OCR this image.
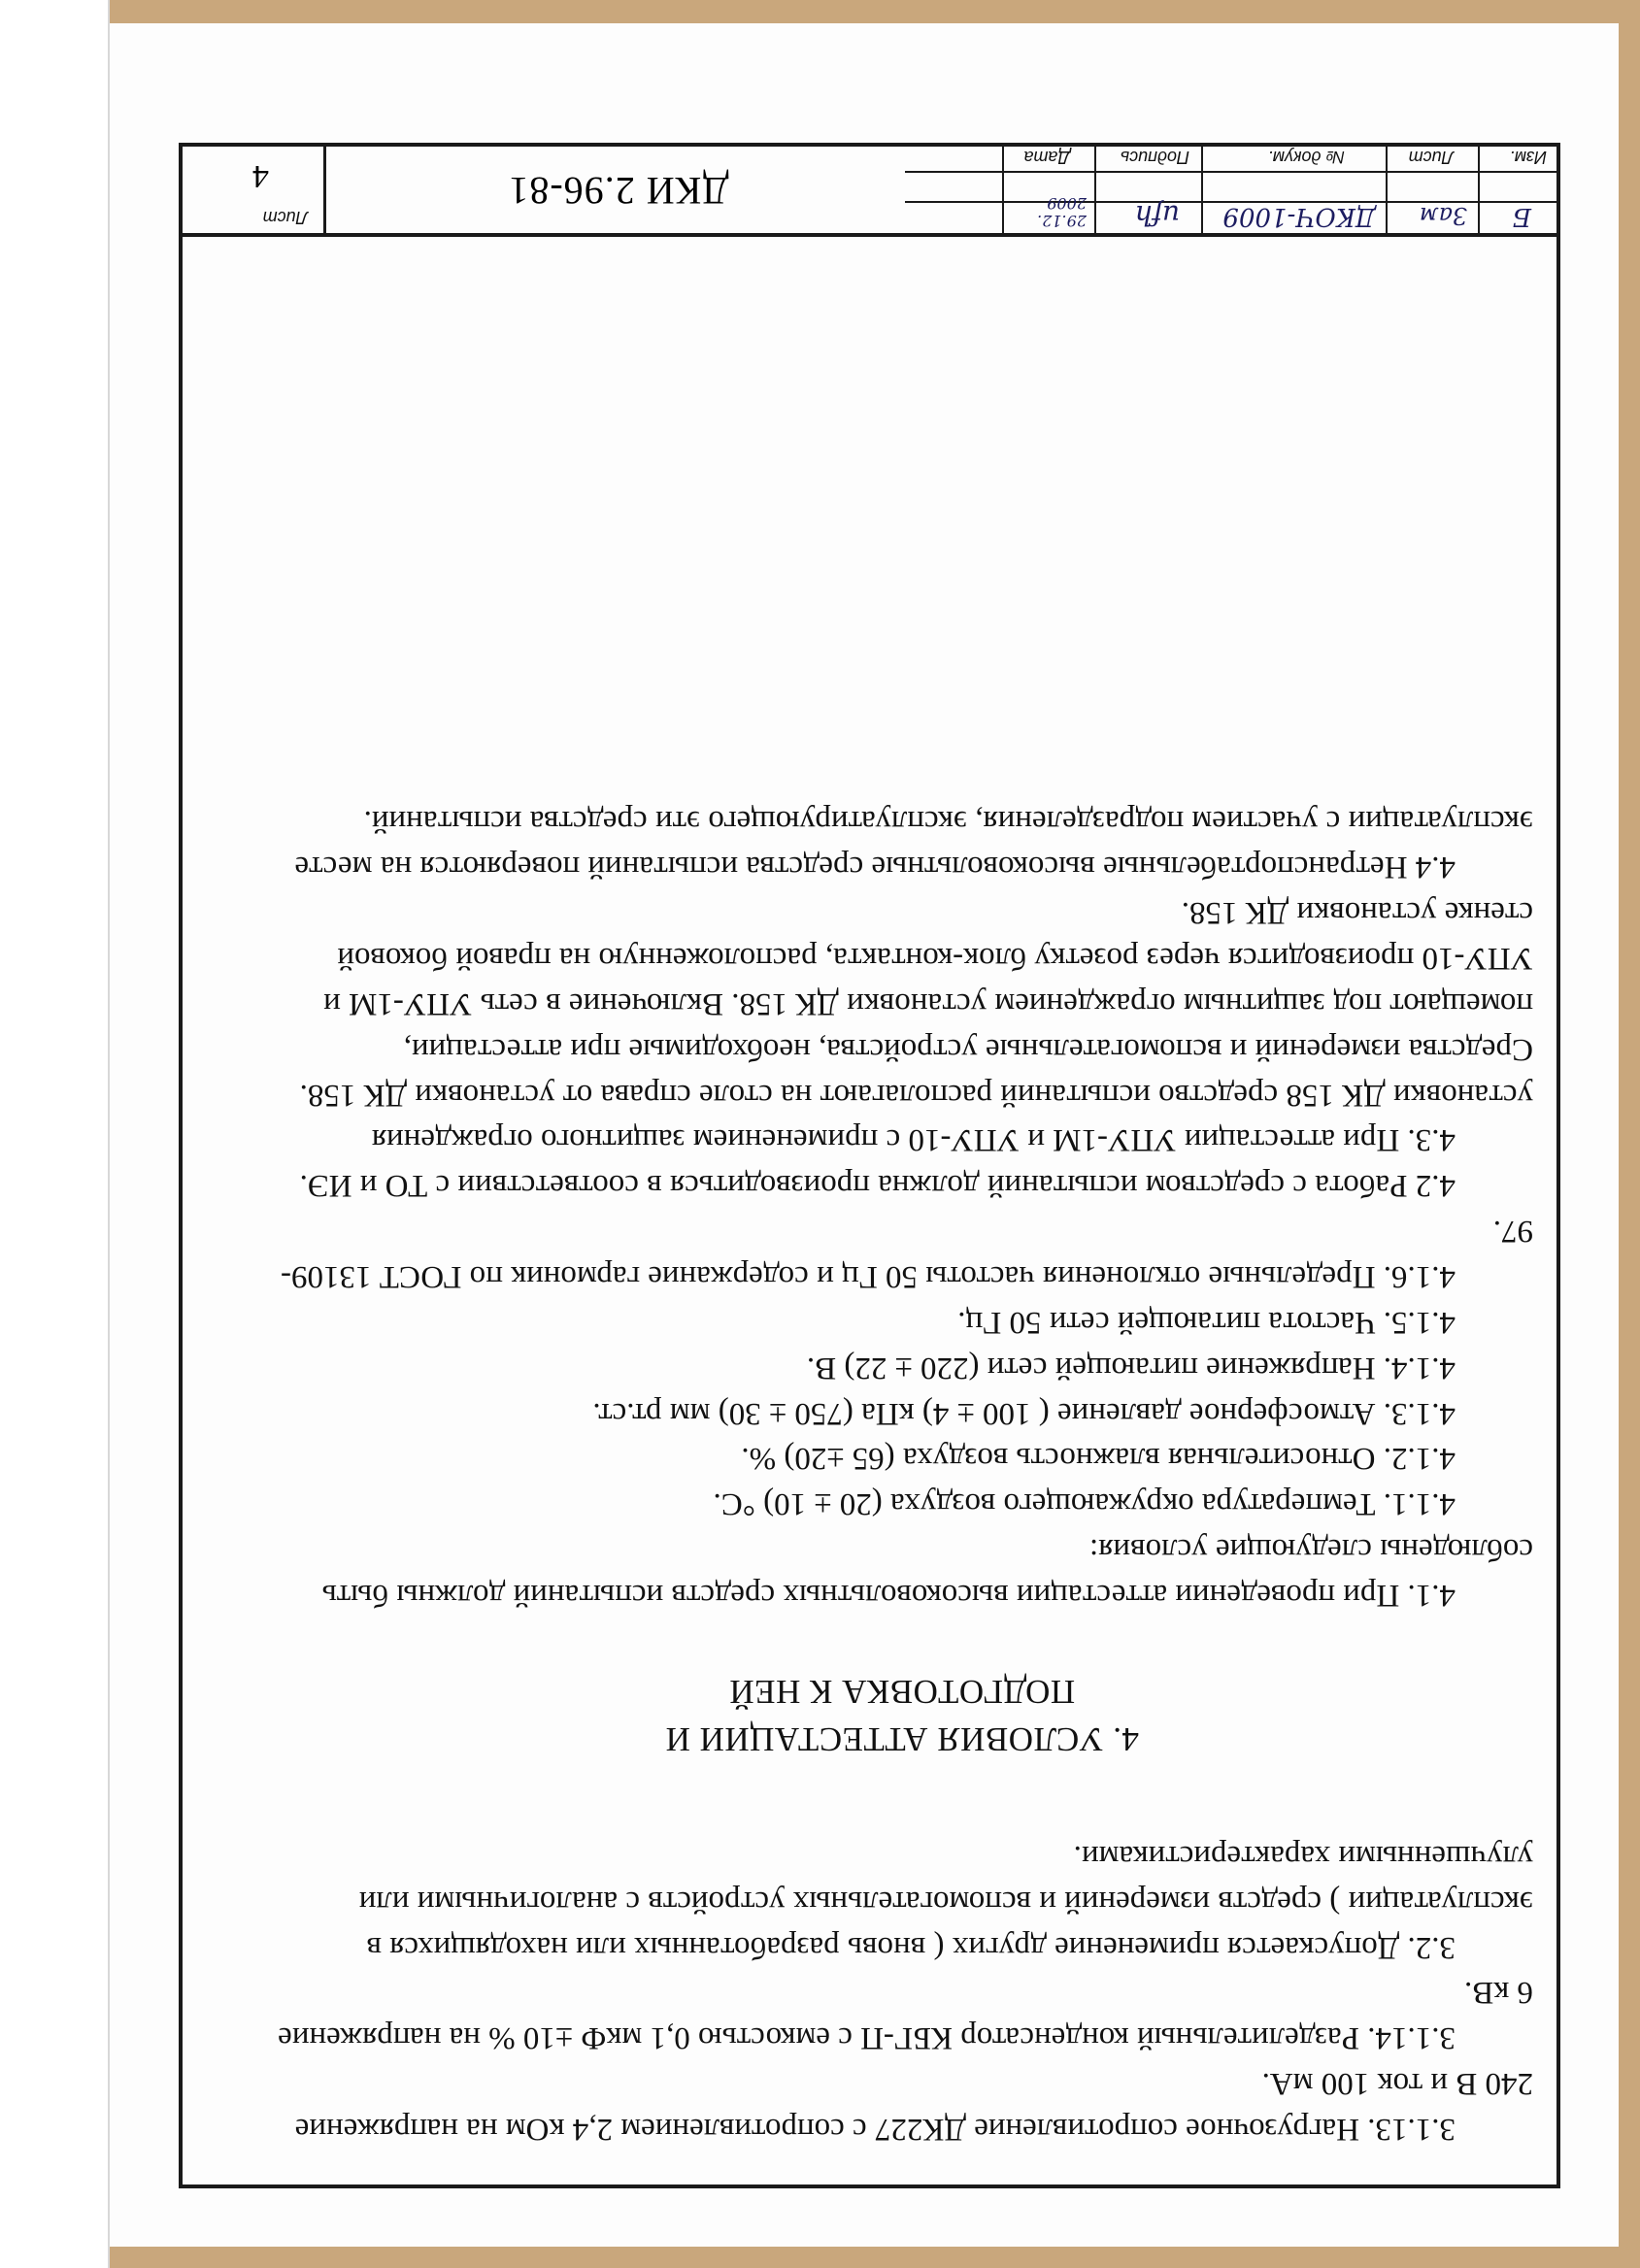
3.1.13. Нагрузочное сопротивление ДК227 с сопротивлением 2,4 кОм на напряжение 240 В и ток 100 мА.

3.1.14. Разделительный конденсатор КБГ-П с емкостью 0,1 мкФ ±10 % на напряжение 6 кВ.

3.2. Допускается применение других ( вновь разработанных или находящихся в эксплуатации ) средств измерений и вспомогательных устройств с аналогичными или улучшенными характеристиками.

4. УСЛОВИЯ АТТЕСТАЦИИ И
ПОДГОТОВКА К НЕЙ

4.1. При проведении аттестации высоковольтных средств испытаний должны быть соблюдены следующие условия:

4.1.1. Температура окружающего воздуха (20 ± 10) °С.

4.1.2. Относительная влажность воздуха (65 ±20) %.

4.1.3. Атмосферное давление ( 100 ± 4) кПа (750 ± 30) мм рт.ст.

4.1.4. Напряжение питающей сети (220 ± 22) В.

4.1.5. Частота питающей сети 50 Гц.

4.1.6. Предельные отклонения частоты 50 Гц и содержание гармоник по ГОСТ 13109-97.

4.2 Работа с средством испытаний должна производиться в соответствии с ТО и ИЭ.

4.3. При аттестации УПУ-1М и УПУ-10 с применением защитного ограждения установки ДК 158 средство испытаний располагают на столе справа от установки ДК 158. Средства измерений и вспомогательные устройства, необходимые при аттестации, помещают под защитным ограждением установки ДК 158. Включение в сеть УПУ-1М и УПУ-10 производится через розетку блок-контакта, расположенную на правой боковой стенке установки ДК 158.

4.4 Нетранспортабельные высоковольтные средства испытаний поверяются на месте эксплуатации с участием подразделения, эксплуатирующего эти средства испытаний.

Изм.
Лист
№ докум.
Подпись
Дата
Б
Зам
ДКОЧ-1009
ufh
29.12. 2009
ДКИ 2.96-81
Лист
4
